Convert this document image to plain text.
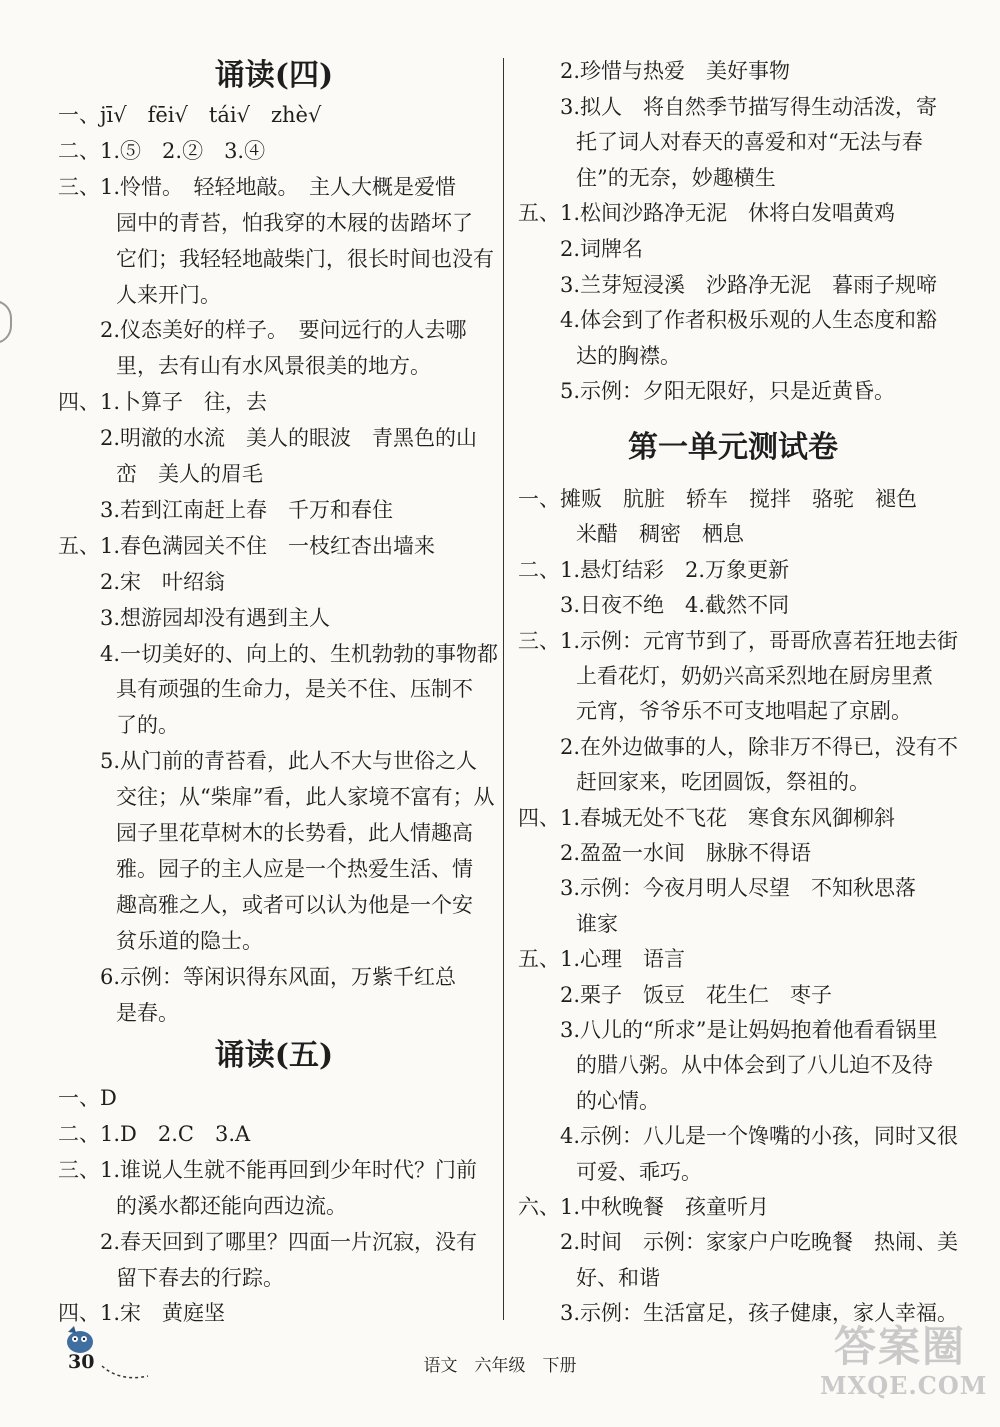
诵读(四)
一、jī√　fēi√　tái√　zhè√
二、1.⑤　2.②　3.④
三、1.怜惜。　轻轻地敲。　主人大概是爱惜
园中的青苔，怕我穿的木屐的齿踏坏了
它们；我轻轻地敲柴门，很长时间也没有
人来开门。
2.仪态美好的样子。　要问远行的人去哪
里，去有山有水风景很美的地方。
四、1.卜算子　往，去
2.明澈的水流　美人的眼波　青黑色的山
峦　美人的眉毛
3.若到江南赶上春　千万和春住
五、1.春色满园关不住　一枝红杏出墙来
2.宋　叶绍翁
3.想游园却没有遇到主人
4.一切美好的、向上的、生机勃勃的事物都
具有顽强的生命力，是关不住、压制不
了的。
5.从门前的青苔看，此人不大与世俗之人
交往；从“柴扉”看，此人家境不富有；从
园子里花草树木的长势看，此人情趣高
雅。园子的主人应是一个热爱生活、情
趣高雅之人，或者可以认为他是一个安
贫乐道的隐士。
6.示例：等闲识得东风面，万紫千红总
是春。
诵读(五)
一、D
二、1.D　2.C　3.A
三、1.谁说人生就不能再回到少年时代？门前
的溪水都还能向西边流。
2.春天回到了哪里？四面一片沉寂，没有
留下春去的行踪。
四、1.宋　黄庭坚
2.珍惜与热爱　美好事物
3.拟人　将自然季节描写得生动活泼，寄
托了词人对春天的喜爱和对“无法与春
住”的无奈，妙趣横生
五、1.松间沙路净无泥　休将白发唱黄鸡
2.词牌名
3.兰芽短浸溪　沙路净无泥　暮雨子规啼
4.体会到了作者积极乐观的人生态度和豁
达的胸襟。
5.示例：夕阳无限好，只是近黄昏。
第一单元测试卷
一、摊贩　肮脏　轿车　搅拌　骆驼　褪色
米醋　稠密　栖息
二、1.悬灯结彩　2.万象更新
3.日夜不绝　4.截然不同
三、1.示例：元宵节到了，哥哥欣喜若狂地去街
上看花灯，奶奶兴高采烈地在厨房里煮
元宵，爷爷乐不可支地唱起了京剧。
2.在外边做事的人，除非万不得已，没有不
赶回家来，吃团圆饭，祭祖的。
四、1.春城无处不飞花　寒食东风御柳斜
2.盈盈一水间　脉脉不得语
3.示例：今夜月明人尽望　不知秋思落
谁家
五、1.心理　语言
2.栗子　饭豆　花生仁　枣子
3.八儿的“所求”是让妈妈抱着他看看锅里
的腊八粥。从中体会到了八儿迫不及待
的心情。
4.示例：八儿是一个馋嘴的小孩，同时又很
可爱、乖巧。
六、1.中秋晚餐　孩童听月
2.时间　示例：家家户户吃晚餐　热闹、美
好、和谐
3.示例：生活富足，孩子健康，家人幸福。
30	语文　六年级　下册	答案圈
MXQE.COM
